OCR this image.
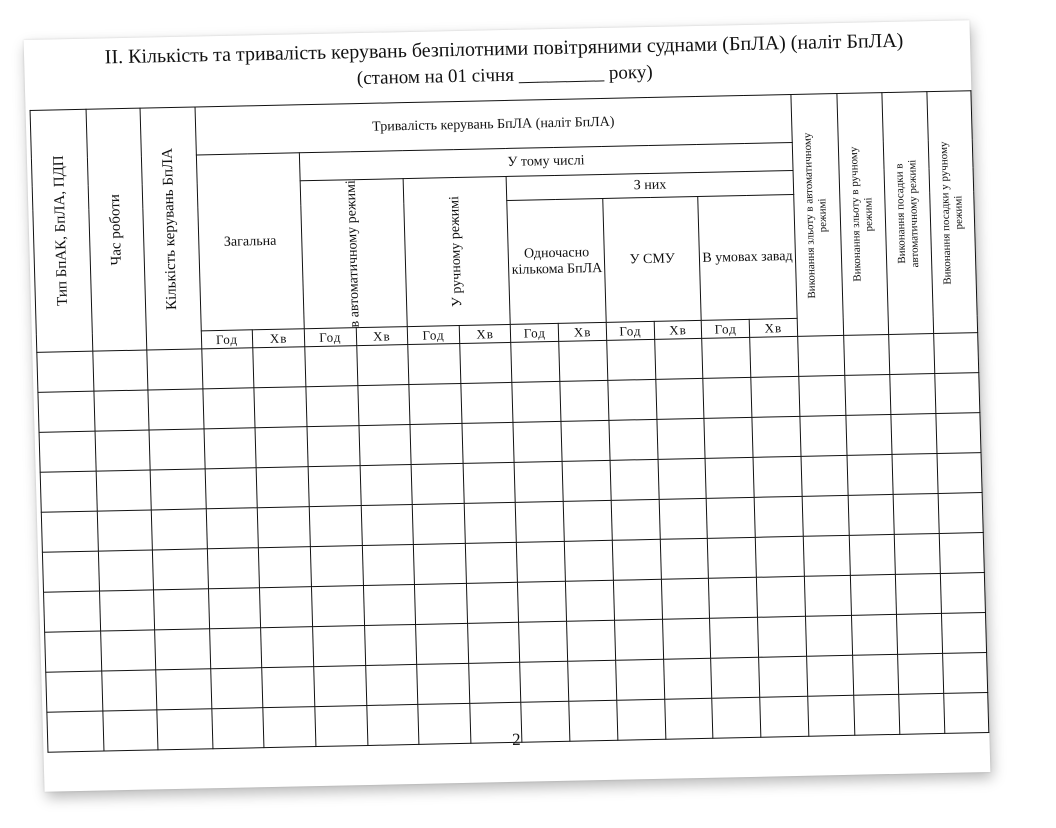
ІІ. Кількість та тривалість керувань безпілотними повітряними суднами (БпЛА) (наліт БпЛА)
(станом на 01 січня _________ року)
Тип БпАК, БпЛА, ПДП	Час роботи	Кількість керувань БпЛА	Тривалість керувань БпЛА (наліт БпЛА)												Виконання зльоту в автоматичному режимі	Виконання зльоту в ручному режимі	Виконання посадки в автоматичному режимі	Виконання посадки у ручному режимі

			Загальна		У тому числі													

					в автоматичному режимі		У ручному режимі		З них									
									Одночасно кількома БпЛА		У СМУ		В умовах завад					
			Год	Хв	Год	Хв	Год	Хв	Год	Хв	Год	Хв	Год	Хв				

2
